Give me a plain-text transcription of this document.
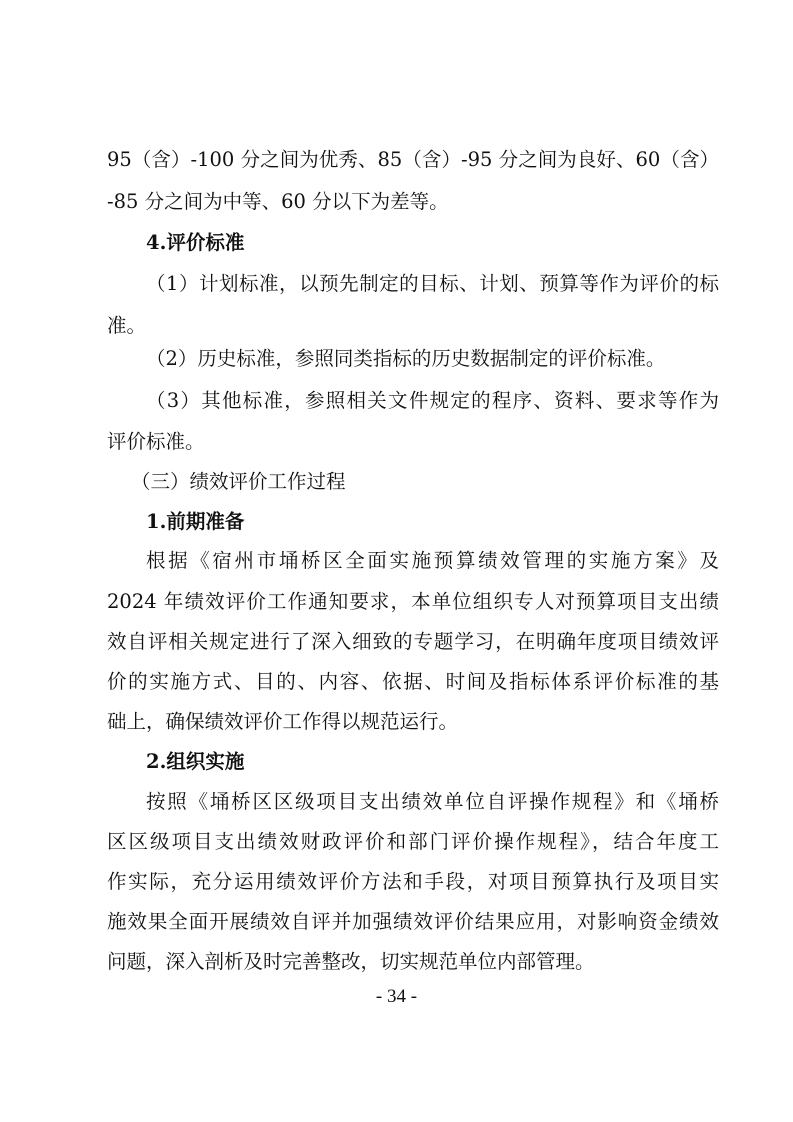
95（含）-100 分之间为优秀、85（含）-95 分之间为良好、60（含）
-85 分之间为中等、60 分以下为差等。
4.评价标准
（1）计划标准，以预先制定的目标、计划、预算等作为评价的标
准。
（2）历史标准，参照同类指标的历史数据制定的评价标准。
（3）其他标准，参照相关文件规定的程序、资料、要求等作为
评价标准。
（三）绩效评价工作过程
1.前期准备
根据《宿州市埇桥区全面实施预算绩效管理的实施方案》及
2024 年绩效评价工作通知要求，本单位组织专人对预算项目支出绩
效自评相关规定进行了深入细致的专题学习，在明确年度项目绩效评
价的实施方式、目的、内容、依据、时间及指标体系评价标准的基
础上，确保绩效评价工作得以规范运行。
2.组织实施
按照《埇桥区区级项目支出绩效单位自评操作规程》和《埇桥
区区级项目支出绩效财政评价和部门评价操作规程》，结合年度工
作实际，充分运用绩效评价方法和手段，对项目预算执行及项目实
施效果全面开展绩效自评并加强绩效评价结果应用，对影响资金绩效
问题，深入剖析及时完善整改，切实规范单位内部管理。
- 34 -
